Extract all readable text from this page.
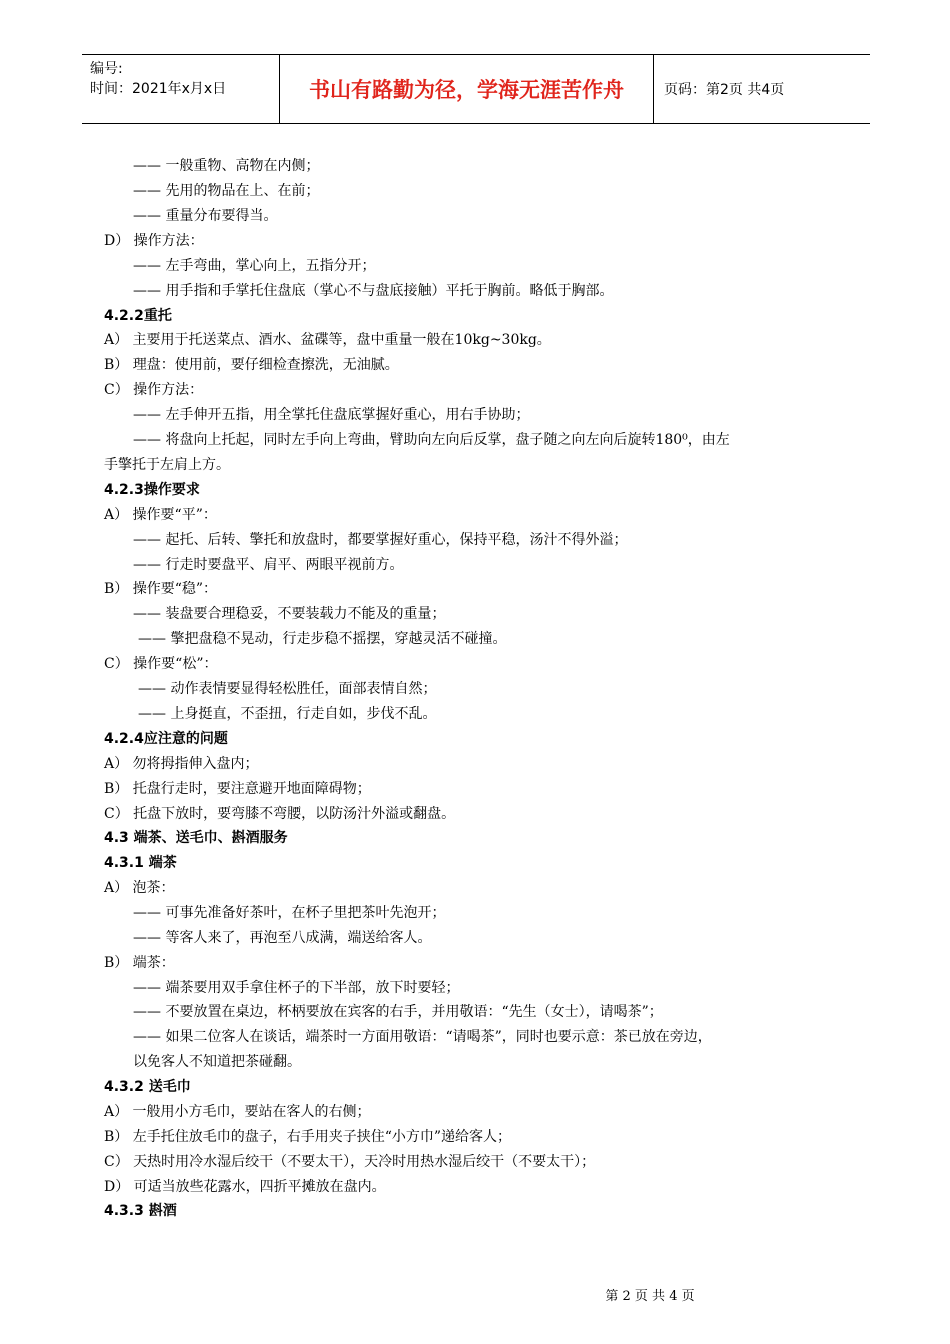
编号:
时间：2021年x月x日	书山有路勤为径，学海无涯苦作舟	页码：第2页 共4页
—— 一般重物、高物在内侧；
—— 先用的物品在上、在前；
—— 重量分布要得当。
D） 操作方法：
—— 左手弯曲，掌心向上，五指分开；
—— 用手指和手掌托住盘底（掌心不与盘底接触）平托于胸前。略低于胸部。
4.2.2重托
A） 主要用于托送菜点、酒水、盆碟等，盘中重量一般在10kg~30kg。
B） 理盘：使用前，要仔细检查擦洗，无油腻。
C） 操作方法：
—— 左手伸开五指，用全掌托住盘底掌握好重心，用右手协助；
—— 将盘向上托起，同时左手向上弯曲，臂助向左向后反掌，盘子随之向左向后旋转180⁰，由左
手擎托于左肩上方。
4.2.3操作要求
A） 操作要“平”：
—— 起托、后转、擎托和放盘时，都要掌握好重心，保持平稳，汤汁不得外溢；
—— 行走时要盘平、肩平、两眼平视前方。
B） 操作要“稳”：
—— 装盘要合理稳妥，不要装载力不能及的重量；
—— 擎把盘稳不晃动，行走步稳不摇摆，穿越灵活不碰撞。
C） 操作要“松”：
—— 动作表情要显得轻松胜任，面部表情自然；
—— 上身挺直，不歪扭，行走自如，步伐不乱。
4.2.4应注意的问题
A） 勿将拇指伸入盘内；
B） 托盘行走时，要注意避开地面障碍物；
C） 托盘下放时，要弯膝不弯腰，以防汤汁外溢或翻盘。
4.3 端茶、送毛巾、斟酒服务
4.3.1 端茶
A） 泡茶：
—— 可事先准备好茶叶，在杯子里把茶叶先泡开；
—— 等客人来了，再泡至八成满，端送给客人。
B） 端茶：
—— 端茶要用双手拿住杯子的下半部，放下时要轻；
—— 不要放置在桌边，杯柄要放在宾客的右手，并用敬语：“先生（女士），请喝茶”；
—— 如果二位客人在谈话，端茶时一方面用敬语：“请喝茶”，同时也要示意：茶已放在旁边，
以免客人不知道把茶碰翻。
4.3.2 送毛巾
A） 一般用小方毛巾，要站在客人的右侧；
B） 左手托住放毛巾的盘子，右手用夹子挟住“小方巾”递给客人；
C） 天热时用冷水湿后绞干（不要太干），天冷时用热水湿后绞干（不要太干）；
D） 可适当放些花露水，四折平摊放在盘内。
4.3.3 斟酒
第 2 页 共 4 页
